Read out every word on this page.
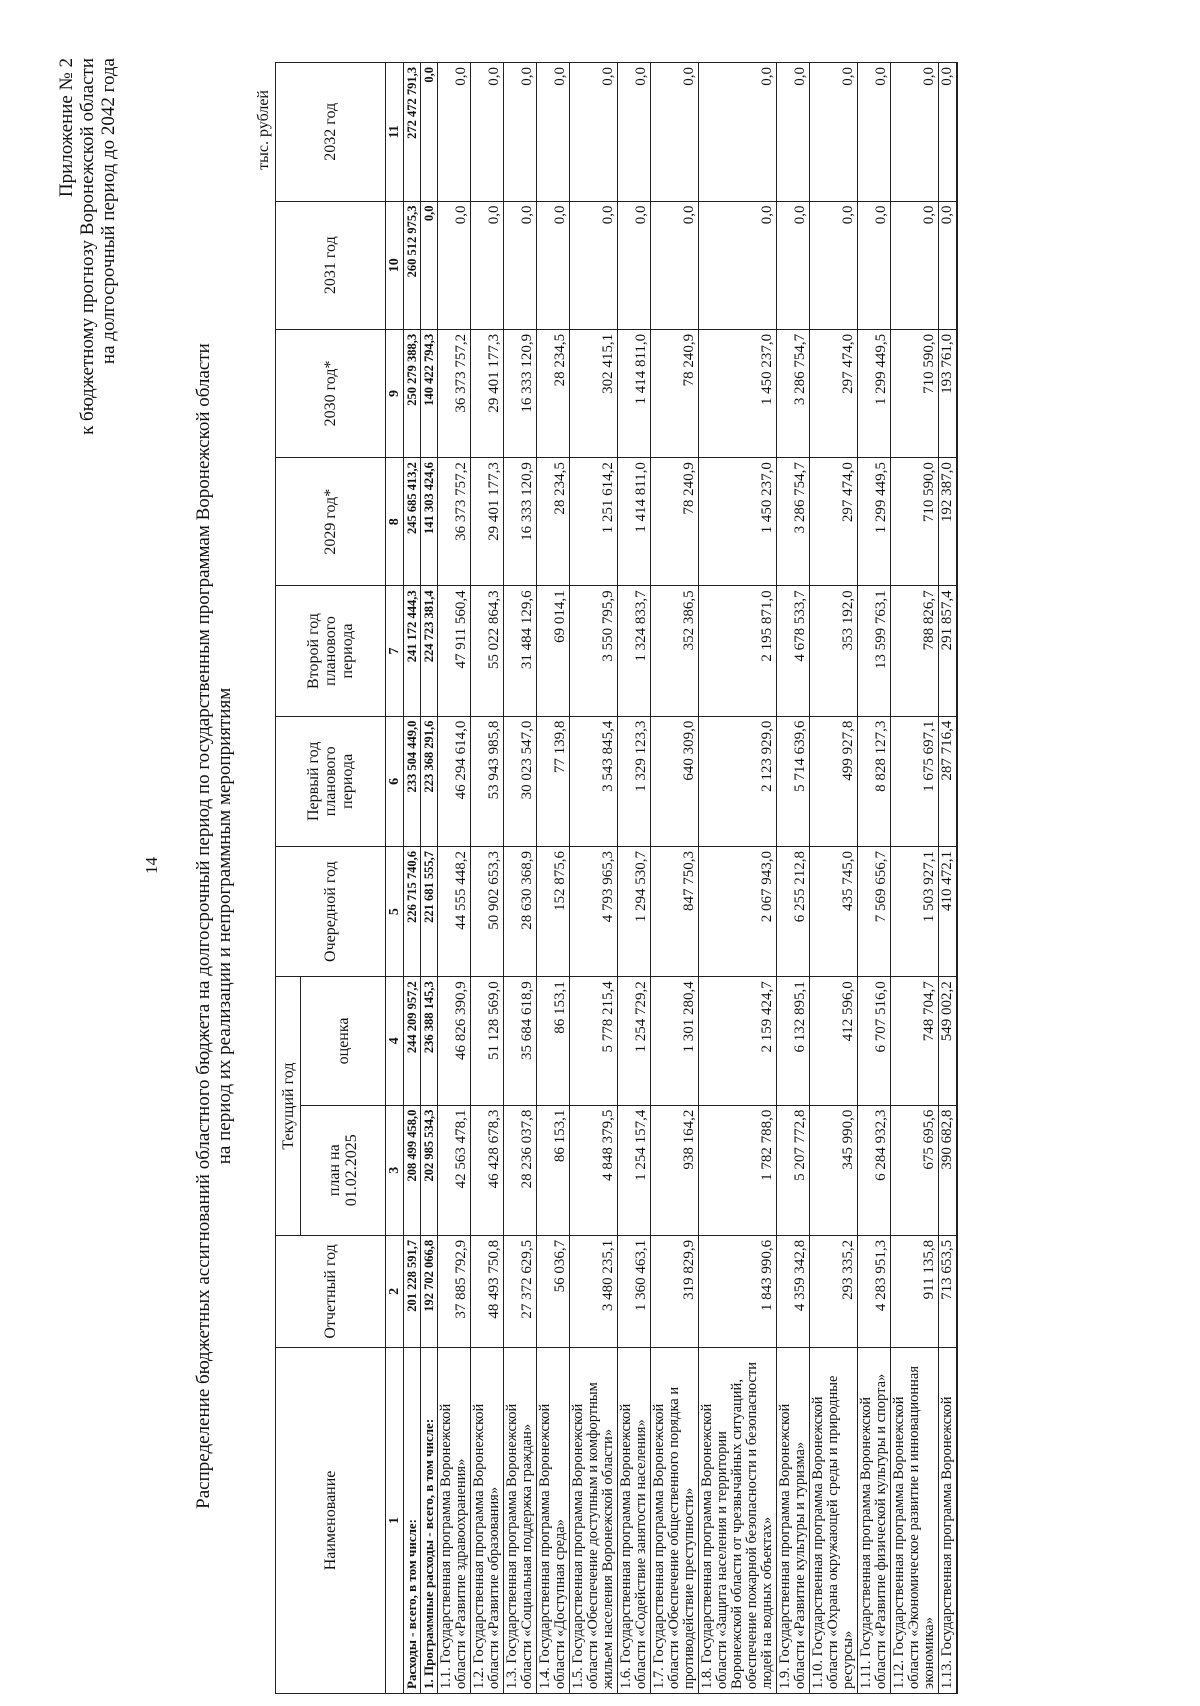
14
Приложение № 2 к бюджетному прогнозу Воронежской области на долгосрочный период до 2042 года
Распределение бюджетных ассигнований областного бюджета на долгосрочный период по государственным программам Воронежской области на период их реализации и непрограммным мероприятиям
тыс. рублей
Наименование	Отчетный год	Текущий год		Очередной год	Первый год планового периода	Второй год планового периода	2029 год*	2030 год*	2031 год	2032 год
		план на 01.02.2025	оценка							
1	2	3	4	5	6	7	8	9	10	11
Расходы - всего, в том числе:	201 228 591,7	208 499 458,0	244 209 957,2	226 715 740,6	233 504 449,0	241 172 444,3	245 685 413,2	250 279 388,3	260 512 975,3	272 472 791,3
1. Программные расходы - всего, в том числе:	192 702 066,8	202 985 534,3	236 388 145,3	221 681 555,7	223 368 291,6	224 723 381,4	141 303 424,6	140 422 794,3	0,0	0,0
1.1. Государственная программа Воронежской области «Развитие здравоохранения»	37 885 792,9	42 563 478,1	46 826 390,9	44 555 448,2	46 294 614,0	47 911 560,4	36 373 757,2	36 373 757,2	0,0	0,0
1.2. Государственная программа Воронежской области «Развитие образования»	48 493 750,8	46 428 678,3	51 128 569,0	50 902 653,3	53 943 985,8	55 022 864,3	29 401 177,3	29 401 177,3	0,0	0,0
1.3. Государственная программа Воронежской области «Социальная поддержка граждан»	27 372 629,5	28 236 037,8	35 684 618,9	28 630 368,9	30 023 547,0	31 484 129,6	16 333 120,9	16 333 120,9	0,0	0,0
1.4. Государственная программа Воронежской области «Доступная среда»	56 036,7	86 153,1	86 153,1	152 875,6	77 139,8	69 014,1	28 234,5	28 234,5	0,0	0,0
1.5. Государственная программа Воронежской области «Обеспечение доступным и комфортным жильем населения Воронежской области»	3 480 235,1	4 848 379,5	5 778 215,4	4 793 965,3	3 543 845,4	3 550 795,9	1 251 614,2	302 415,1	0,0	0,0
1.6. Государственная программа Воронежской области «Содействие занятости населения»	1 360 463,1	1 254 157,4	1 254 729,2	1 294 530,7	1 329 123,3	1 324 833,7	1 414 811,0	1 414 811,0	0,0	0,0
1.7. Государственная программа Воронежской области «Обеспечение общественного порядка и противодействие преступности»	319 829,9	938 164,2	1 301 280,4	847 750,3	640 309,0	352 386,5	78 240,9	78 240,9	0,0	0,0
1.8. Государственная программа Воронежской области «Защита населения и территории Воронежской области от чрезвычайных ситуаций, обеспечение пожарной безопасности и безопасности людей на водных объектах»	1 843 990,6	1 782 788,0	2 159 424,7	2 067 943,0	2 123 929,0	2 195 871,0	1 450 237,0	1 450 237,0	0,0	0,0
1.9. Государственная программа Воронежской области «Развитие культуры и туризма»	4 359 342,8	5 207 772,8	6 132 895,1	6 255 212,8	5 714 639,6	4 678 533,7	3 286 754,7	3 286 754,7	0,0	0,0
1.10. Государственная программа Воронежской области «Охрана окружающей среды и природные ресурсы»	293 335,2	345 990,0	412 596,0	435 745,0	499 927,8	353 192,0	297 474,0	297 474,0	0,0	0,0
1.11. Государственная программа Воронежской области «Развитие физической культуры и спорта»	4 283 951,3	6 284 932,3	6 707 516,0	7 569 656,7	8 828 127,3	13 599 763,1	1 299 449,5	1 299 449,5	0,0	0,0
1.12. Государственная программа Воронежской области «Экономическое развитие и инновационная экономика»	911 135,8	675 695,6	748 704,7	1 503 927,1	1 675 697,1	788 826,7	710 590,0	710 590,0	0,0	0,0
1.13. Государственная программа Воронежской	713 653,5	390 682,8	549 002,2	410 472,1	287 716,4	291 857,4	192 387,0	193 761,0	0,0	0,0
